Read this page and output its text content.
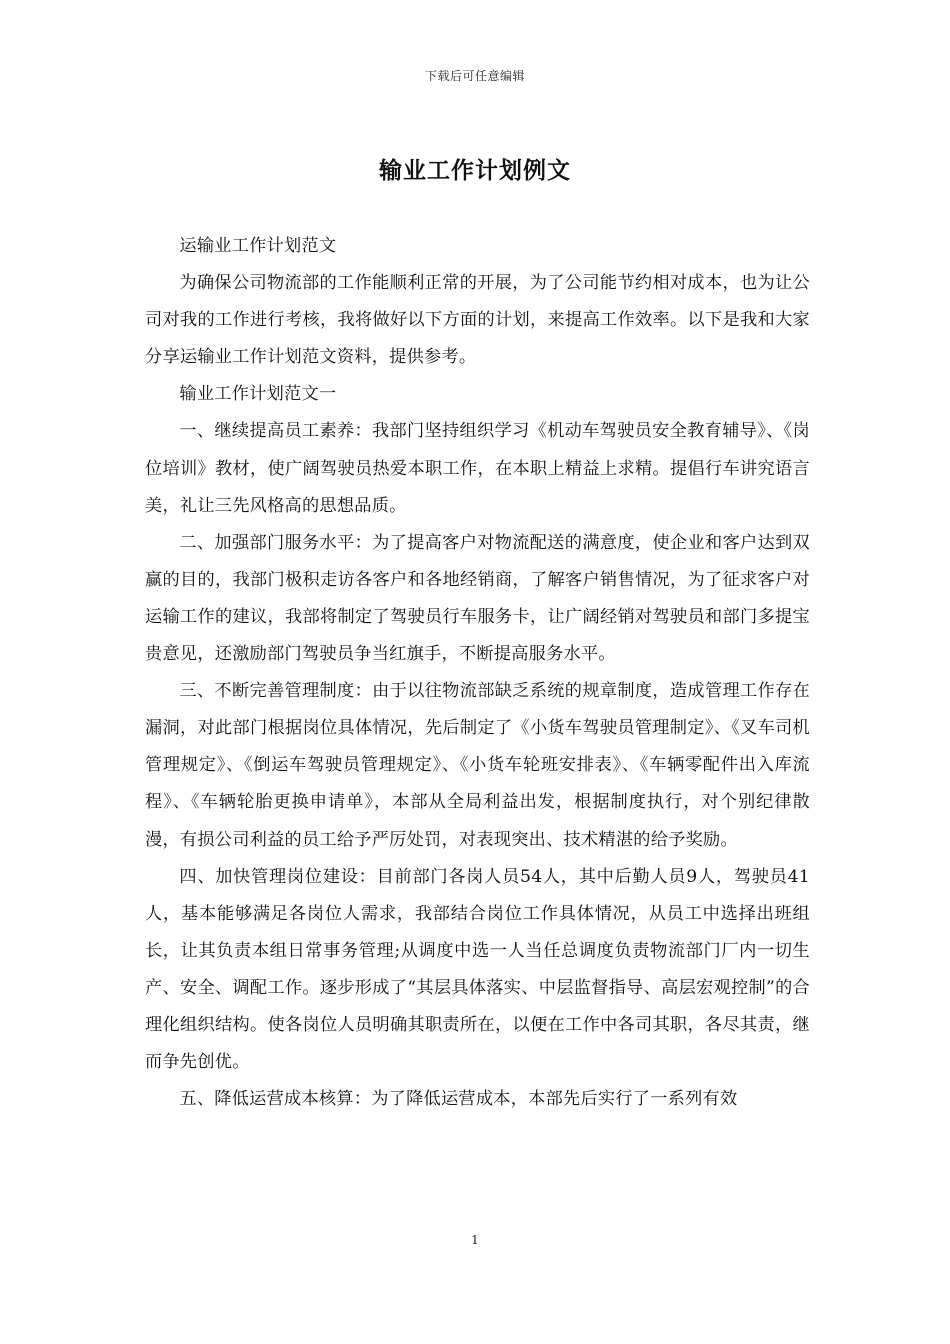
下载后可任意编辑
输业工作计划例文

运输业工作计划范文

为确保公司物流部的工作能顺利正常的开展，为了公司能节约相对成本，也为让公司对我的工作进行考核，我将做好以下方面的计划，来提高工作效率。以下是我和大家分享运输业工作计划范文资料，提供参考。

输业工作计划范文一

一、继续提高员工素养：我部门坚持组织学习《机动车驾驶员安全教育辅导》、《岗位培训》教材，使广阔驾驶员热爱本职工作，在本职上精益上求精。提倡行车讲究语言美，礼让三先风格高的思想品质。

二、加强部门服务水平：为了提高客户对物流配送的满意度，使企业和客户达到双赢的目的，我部门极积走访各客户和各地经销商，了解客户销售情况，为了征求客户对运输工作的建议，我部将制定了驾驶员行车服务卡，让广阔经销对驾驶员和部门多提宝贵意见，还激励部门驾驶员争当红旗手，不断提高服务水平。

三、不断完善管理制度：由于以往物流部缺乏系统的规章制度，造成管理工作存在漏洞，对此部门根据岗位具体情况，先后制定了《小货车驾驶员管理制定》、《叉车司机管理规定》、《倒运车驾驶员管理规定》、《小货车轮班安排表》、《车辆零配件出入库流程》、《车辆轮胎更换申请单》，本部从全局利益出发，根据制度执行，对个别纪律散漫，有损公司利益的员工给予严厉处罚，对表现突出、技术精湛的给予奖励。

四、加快管理岗位建设：目前部门各岗人员54人，其中后勤人员9人，驾驶员41人，基本能够满足各岗位人需求，我部结合岗位工作具体情况，从员工中选择出班组长，让其负责本组日常事务管理;从调度中选一人当任总调度负责物流部门厂内一切生产、安全、调配工作。逐步形成了“其层具体落实、中层监督指导、高层宏观控制”的合理化组织结构。使各岗位人员明确其职责所在，以便在工作中各司其职，各尽其责，继而争先创优。

五、降低运营成本核算：为了降低运营成本，本部先后实行了一系列有效

1
